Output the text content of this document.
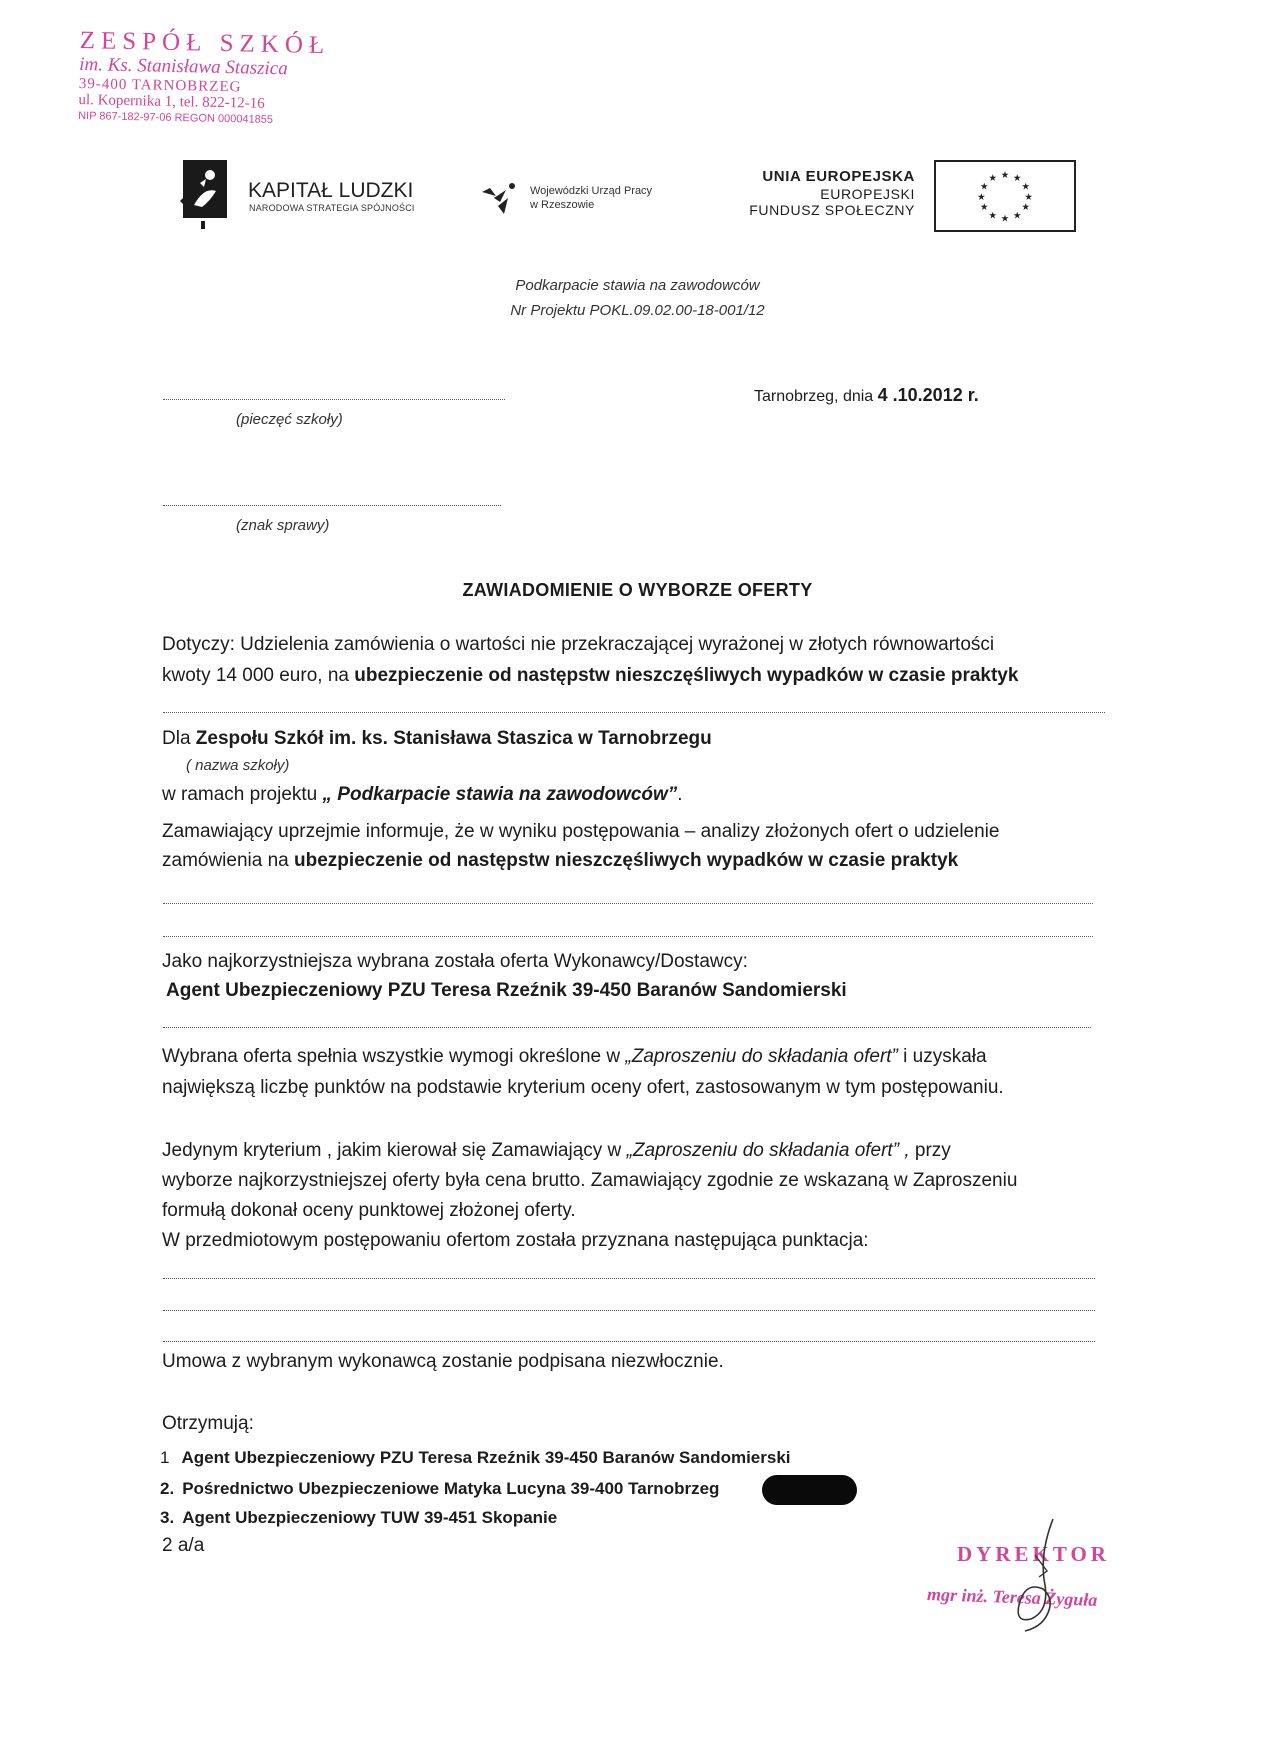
ZESPÓŁ SZKÓŁ
im. Ks. Stanisława Staszica
39-400 TARNOBRZEG
ul. Kopernika 1, tel. 822-12-16
NIP 867-182-97-06 REGON 000041855
KAPITAŁ LUDZKI
NARODOWA STRATEGIA SPÓJNOŚCI
Wojewódzki Urząd Pracy
w Rzeszowie
UNIA EUROPEJSKA
EUROPEJSKI
FUNDUSZ SPOŁECZNY
★ ★
★
★
★
★
★
★
★
★
★
★
Podkarpacie stawia na zawodowców
Nr Projektu POKL.09.02.00-18-001/12
(pieczęć szkoły)
Tarnobrzeg, dnia 4 .10.2012 r.
(znak sprawy)
ZAWIADOMIENIE O WYBORZE OFERTY
Dotyczy: Udzielenia zamówienia o wartości nie przekraczającej wyrażonej w złotych równowartości
kwoty 14 000 euro, na ubezpieczenie od następstw nieszczęśliwych wypadków w czasie praktyk
Dla Zespołu Szkół im. ks. Stanisława Staszica w Tarnobrzegu
( nazwa szkoły)
w ramach projektu „ Podkarpacie stawia na zawodowców”.
Zamawiający uprzejmie informuje, że w wyniku postępowania – analizy złożonych ofert o udzielenie
zamówienia na ubezpieczenie od następstw nieszczęśliwych wypadków w czasie praktyk
Jako najkorzystniejsza wybrana została oferta Wykonawcy/Dostawcy:
Agent Ubezpieczeniowy PZU Teresa Rzeźnik 39-450 Baranów Sandomierski
Wybrana oferta spełnia wszystkie wymogi określone w „Zaproszeniu do składania ofert” i uzyskała
największą liczbę punktów na podstawie kryterium oceny ofert, zastosowanym w tym postępowaniu.
Jedynym kryterium , jakim kierował się Zamawiający w „Zaproszeniu do składania ofert” , przy
wyborze najkorzystniejszej oferty była cena brutto. Zamawiający zgodnie ze wskazaną w Zaproszeniu
formułą dokonał oceny punktowej złożonej oferty.
W przedmiotowym postępowaniu ofertom została przyznana następująca punktacja:
Umowa z wybranym wykonawcą zostanie podpisana niezwłocznie.
Otrzymują:
1 Agent Ubezpieczeniowy PZU Teresa Rzeźnik 39-450 Baranów Sandomierski
2. Pośrednictwo Ubezpieczeniowe Matyka Lucyna 39-400 Tarnobrzeg
3. Agent Ubezpieczeniowy TUW 39-451 Skopanie
2 a/a	DYREKTOR
mgr inż. Teresa Żyguła
